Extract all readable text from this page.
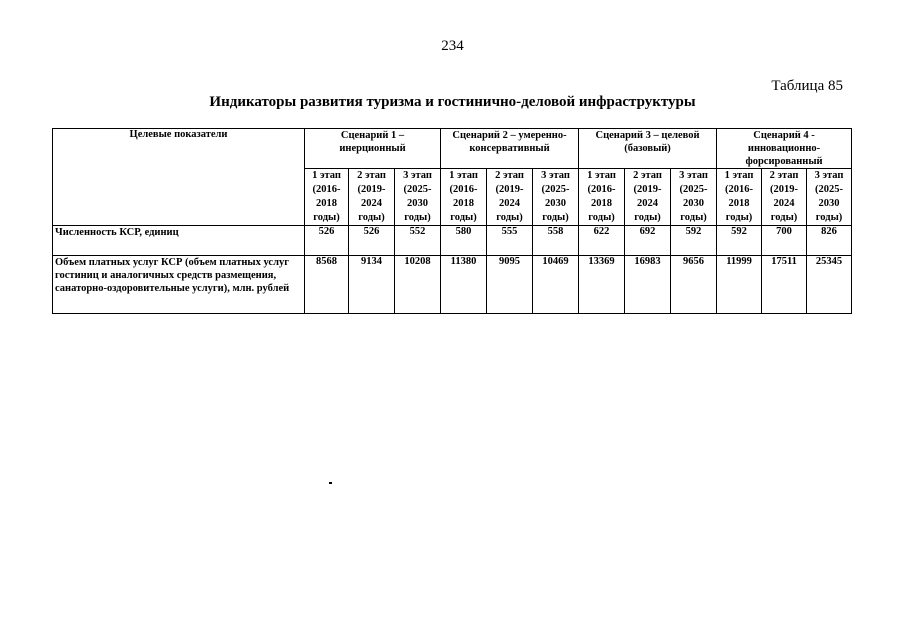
234
Таблица 85
Индикаторы развития туризма и гостинично-деловой инфраструктуры
Целевые показатели	Сценарий 1 – инерционный			Сценарий 2 – умеренно-консервативный			Сценарий 3 – целевой (базовый)			Сценарий 4 - инновационно-форсированный		
	1 этап (2016-2018 годы)	2 этап (2019-2024 годы)	3 этап (2025-2030 годы)	1 этап (2016-2018 годы)	2 этап (2019-2024 годы)	3 этап (2025-2030 годы)	1 этап (2016-2018 годы)	2 этап (2019-2024 годы)	3 этап (2025-2030 годы)	1 этап (2016-2018 годы)	2 этап (2019-2024 годы)	3 этап (2025-2030 годы)
Численность КСР, единиц	526	526	552	580	555	558	622	692	592	592	700	826
Объем платных услуг КСР (объем платных услуг гостиниц и аналогичных средств размещения, санаторно-оздоровительные услуги), млн. рублей	8568	9134	10208	11380	9095	10469	13369	16983	9656	11999	17511	25345
